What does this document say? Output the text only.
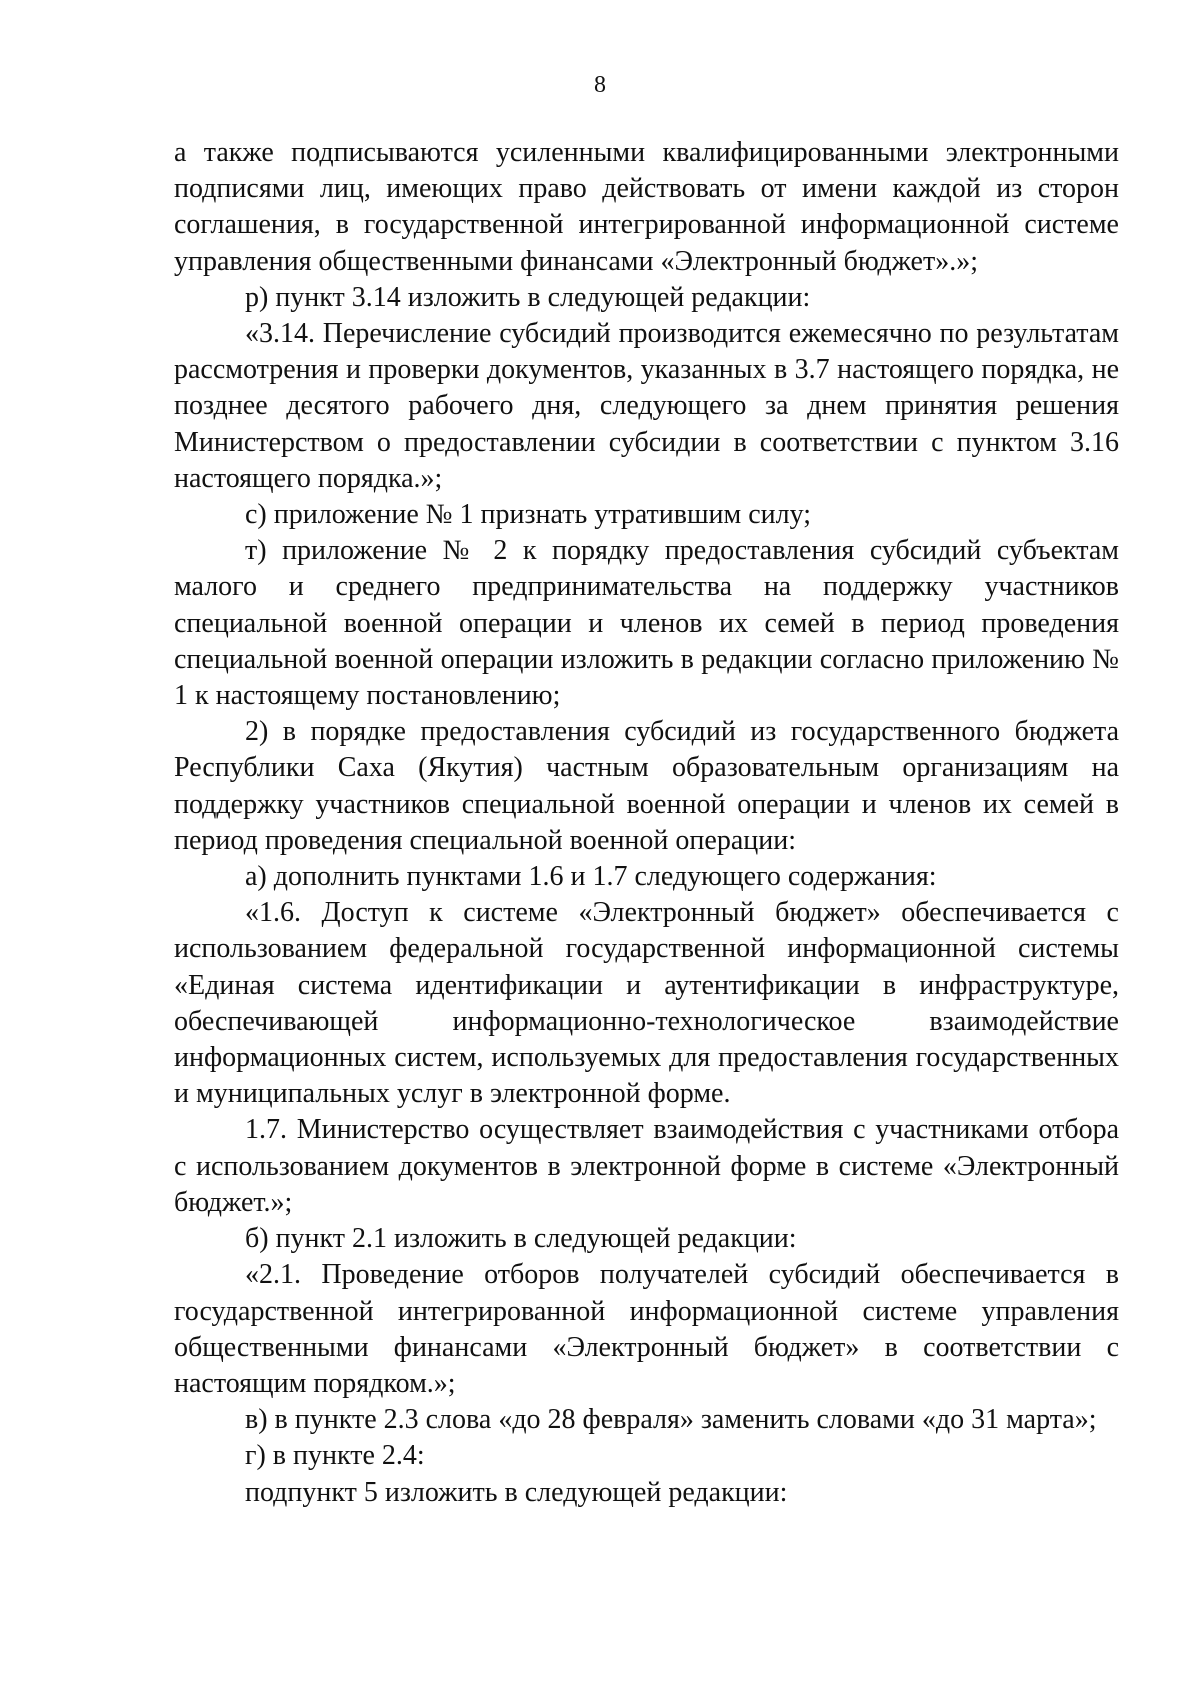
8

а также подписываются усиленными квалифицированными электронными подписями лиц, имеющих право действовать от имени каждой из сторон соглашения, в государственной интегрированной информационной системе управления общественными финансами «Электронный бюджет».»;

р) пункт 3.14 изложить в следующей редакции:

«3.14. Перечисление субсидий производится ежемесячно по результатам рассмотрения и проверки документов, указанных в 3.7 настоящего порядка, не позднее десятого рабочего дня, следующего за днем принятия решения Министерством о предоставлении субсидии в соответствии с пунктом 3.16 настоящего порядка.»;

с) приложение № 1 признать утратившим силу;

т) приложение № 2 к порядку предоставления субсидий субъектам малого и среднего предпринимательства на поддержку участников специальной военной операции и членов их семей в период проведения специальной военной операции изложить в редакции согласно приложению № 1 к настоящему постановлению;

2) в порядке предоставления субсидий из государственного бюджета Республики Саха (Якутия) частным образовательным организациям на поддержку участников специальной военной операции и членов их семей в период проведения специальной военной операции:

а) дополнить пунктами 1.6 и 1.7 следующего содержания:

«1.6. Доступ к системе «Электронный бюджет» обеспечивается с использованием федеральной государственной информационной системы «Единая система идентификации и аутентификации в инфраструктуре, обеспечивающей информационно-технологическое взаимодействие информационных систем, используемых для предоставления государственных и муниципальных услуг в электронной форме.

1.7. Министерство осуществляет взаимодействия с участниками отбора с использованием документов в электронной форме в системе «Электронный бюджет.»;

б) пункт 2.1 изложить в следующей редакции:

«2.1. Проведение отборов получателей субсидий обеспечивается в государственной интегрированной информационной системе управления общественными финансами «Электронный бюджет» в соответствии с настоящим порядком.»;

в) в пункте 2.3 слова «до 28 февраля» заменить словами «до 31 марта»;

г) в пункте 2.4:

подпункт 5 изложить в следующей редакции:
